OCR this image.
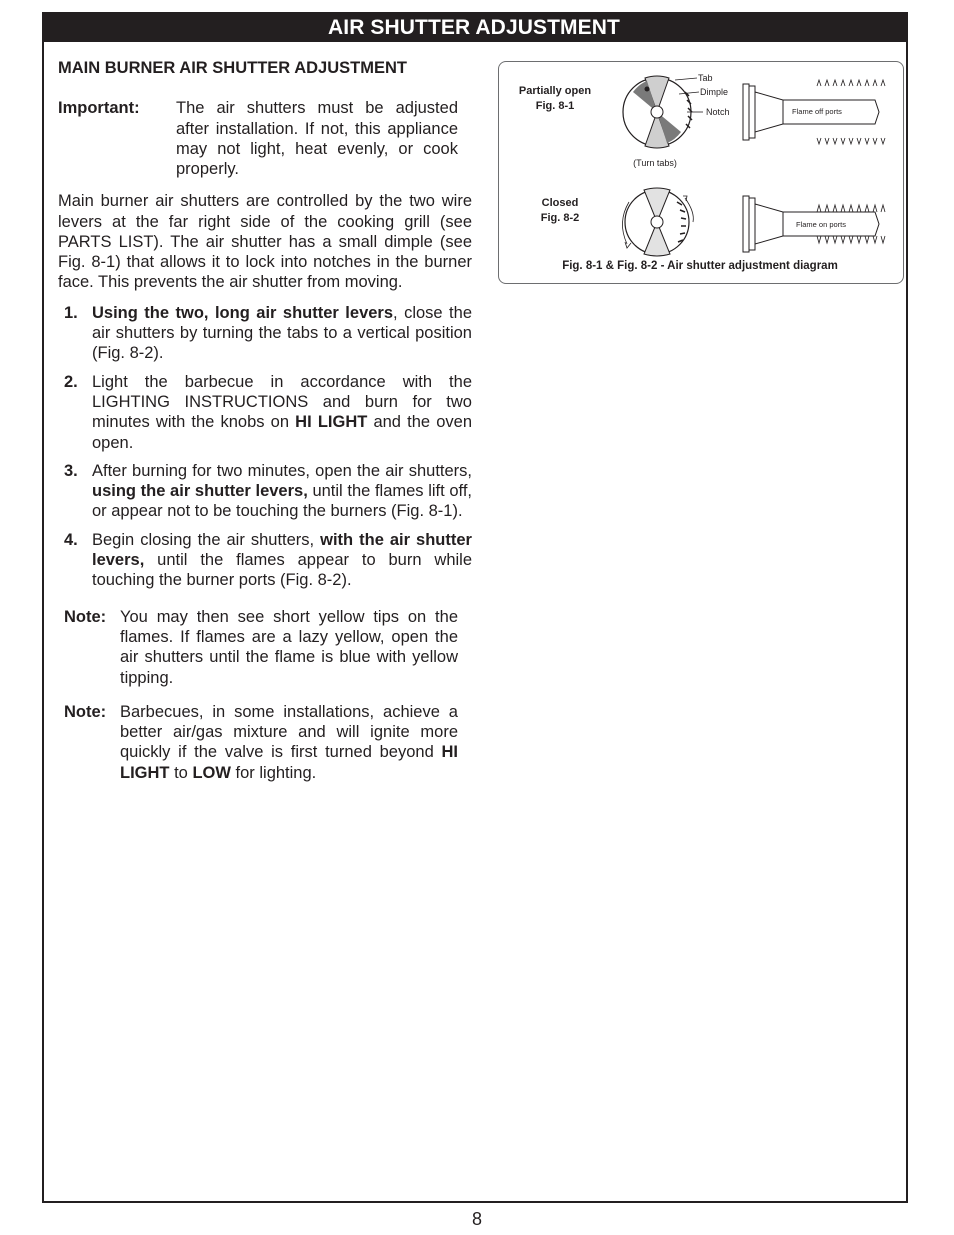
AIR SHUTTER ADJUSTMENT

MAIN BURNER AIR SHUTTER ADJUSTMENT

Important: The air shutters must be adjusted after installation. If not, this appliance may not light, heat evenly, or cook properly.
Main burner air shutters are controlled by the two wire levers at the far right side of the cooking grill (see PARTS LIST). The air shutter has a small dimple (see Fig. 8-1) that allows it to lock into notches in the burner face. This prevents the air shutter from moving.
1. Using the two, long air shutter levers, close the air shutters by turning the tabs to a vertical position (Fig. 8-2).
2. Light the barbecue in accordance with the LIGHTING INSTRUCTIONS and burn for two minutes with the knobs on HI LIGHT and the oven open.
3. After burning for two minutes, open the air shutters, using the air shutter levers, until the flames lift off, or appear not to be touching the burners (Fig. 8-1).
4. Begin closing the air shutters, with the air shutter levers, until the flames appear to burn while touching the burner ports (Fig. 8-2).
Note: You may then see short yellow tips on the flames. If flames are a lazy yellow, open the air shutters until the flame is blue with yellow tipping.
Note: Barbecues, in some installations, achieve a better air/gas mixture and will ignite more quickly if the valve is first turned beyond HI LIGHT to LOW for lighting.
Partially open
Fig. 8-1
Tab
Dimple
Notch	Flame off ports
(Turn tabs)
Closed
Fig. 8-2
Flame on ports
Fig. 8-1 & Fig. 8-2 - Air shutter adjustment diagram
8
